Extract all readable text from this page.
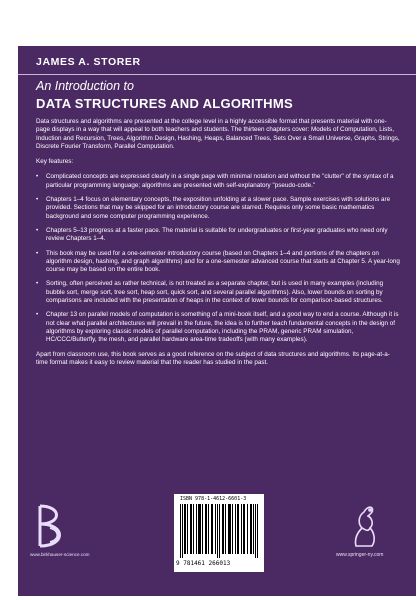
JAMES A. STORER
An Introduction to
DATA STRUCTURES AND ALGORITHMS

Data structures and algorithms are presented at the college level in a highly accessible format that presents material with one-page displays in a way that will appeal to both teachers and students. The thirteen chapters cover: Models of Computation, Lists, Induction and Recursion, Trees, Algorithm Design, Hashing, Heaps, Balanced Trees, Sets Over a Small Universe, Graphs, Strings, Discrete Fourier Transform, Parallel Computation.

Key features:

• Complicated concepts are expressed clearly in a single page with minimal notation and without the "clutter" of the syntax of a particular programming language; algorithms are presented with self-explanatory "pseudo-code."
• Chapters 1–4 focus on elementary concepts, the exposition unfolding at a slower pace. Sample exercises with solutions are provided. Sections that may be skipped for an introductory course are starred. Requires only some basic mathematics background and some computer programming experience.
• Chapters 5–13 progress at a faster pace. The material is suitable for undergraduates or first-year graduates who need only review Chapters 1–4.
• This book may be used for a one-semester introductory course (based on Chapters 1–4 and portions of the chapters on algorithm design, hashing, and graph algorithms) and for a one-semester advanced course that starts at Chapter 5. A year-long course may be based on the entire book.
• Sorting, often perceived as rather technical, is not treated as a separate chapter, but is used in many examples (including bubble sort, merge sort, tree sort, heap sort, quick sort, and several parallel algorithms). Also, lower bounds on sorting by comparisons are included with the presentation of heaps in the context of lower bounds for comparison-based structures.
• Chapter 13 on parallel models of computation is something of a mini-book itself, and a good way to end a course. Although it is not clear what parallel architectures will prevail in the future, the idea is to further teach fundamental concepts in the design of algorithms by exploring classic models of parallel computation, including the PRAM, generic PRAM simulation, HC/CCC/Butterfly, the mesh, and parallel hardware area-time tradeoffs (with many examples).

Apart from classroom use, this book serves as a good reference on the subject of data structures and algorithms. Its page-at-a-time format makes it easy to review material that the reader has studied in the past.

www.birkhauser-science.com
ISBN 978-1-4612-6601-3
9 781461 266013
www.springer-ny.com
